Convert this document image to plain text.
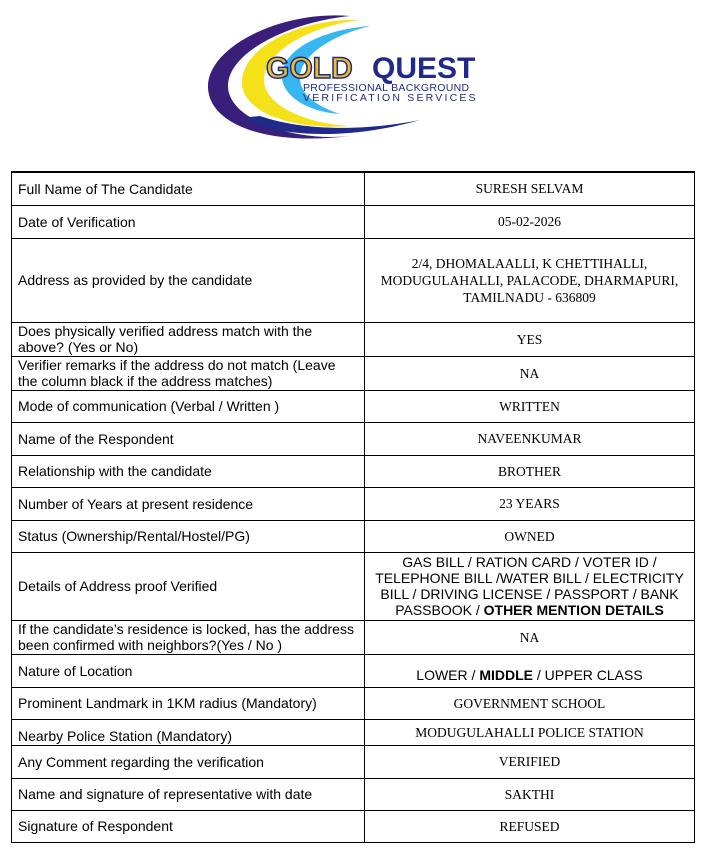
GOLD QUEST
PROFESSIONAL BACKGROUND
VERIFICATION SERVICES
Full Name of The Candidate	SURESH SELVAM
Date of Verification	05-02-2026
Address as provided by the candidate	2/4, DHOMALAALLI, K CHETTIHALLI, MODUGULAHALLI, PALACODE, DHARMAPURI, TAMILNADU - 636809
Does physically verified address match with the above? (Yes or No)	YES
Verifier remarks if the address do not match (Leave the column black if the address matches)	NA
Mode of communication (Verbal / Written )	WRITTEN
Name of the Respondent	NAVEENKUMAR
Relationship with the candidate	BROTHER
Number of Years at present residence	23 YEARS
Status (Ownership/Rental/Hostel/PG)	OWNED
Details of Address proof Verified	GAS BILL / RATION CARD / VOTER ID / TELEPHONE BILL /WATER BILL / ELECTRICITY BILL / DRIVING LICENSE / PASSPORT / BANK PASSBOOK / OTHER MENTION DETAILS
If the candidate’s residence is locked, has the address been confirmed with neighbors?(Yes / No )	NA
Nature of Location	LOWER / MIDDLE / UPPER CLASS
Prominent Landmark in 1KM radius (Mandatory)	GOVERNMENT SCHOOL
Nearby Police Station (Mandatory)	MODUGULAHALLI POLICE STATION
Any Comment regarding the verification	VERIFIED
Name and signature of representative with date	SAKTHI
Signature of Respondent	REFUSED
